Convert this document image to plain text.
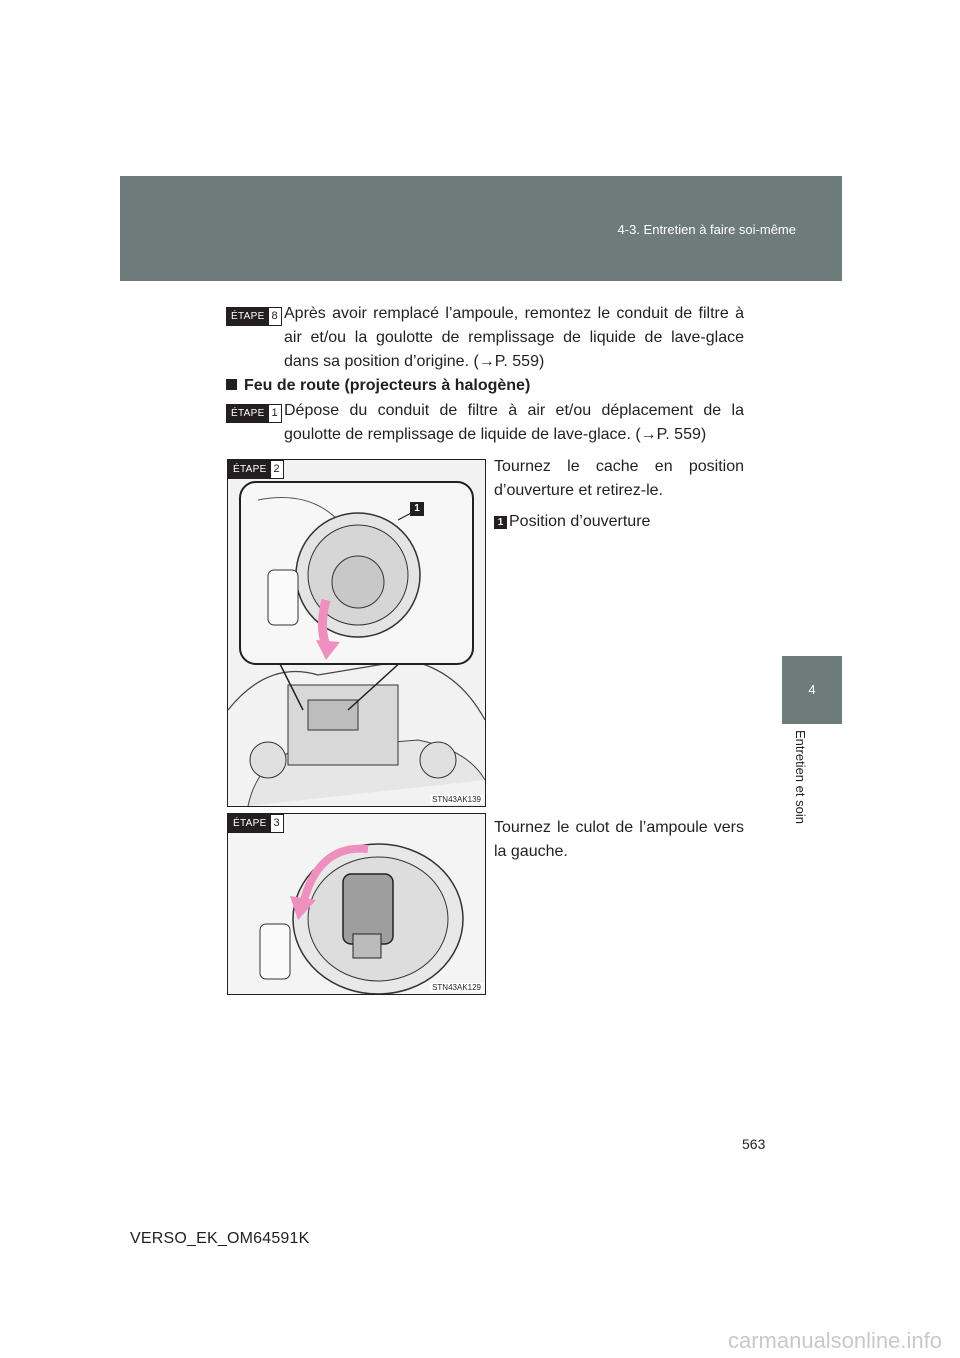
4-3. Entretien à faire soi-même
4
Entretien et soin
ÉTAPE 8 Après avoir remplacé l’ampoule, remontez le conduit de filtre à air et/ou la goulotte de remplissage de liquide de lave-glace dans sa position d’origine. (→P. 559)
Feu de route (projecteurs à halogène)
ÉTAPE 1 Dépose du conduit de filtre à air et/ou déplacement de la goulotte de remplissage de liquide de lave-glace. (→P. 559)
1
STN43AK139
ÉTAPE 2	Tournez le cache en position d’ouverture et retirez-le.
1 Position d’ouverture
STN43AK129
ÉTAPE 3	Tournez le culot de l’ampoule vers la gauche.
563
VERSO_EK_OM64591K
carmanualsonline.info
